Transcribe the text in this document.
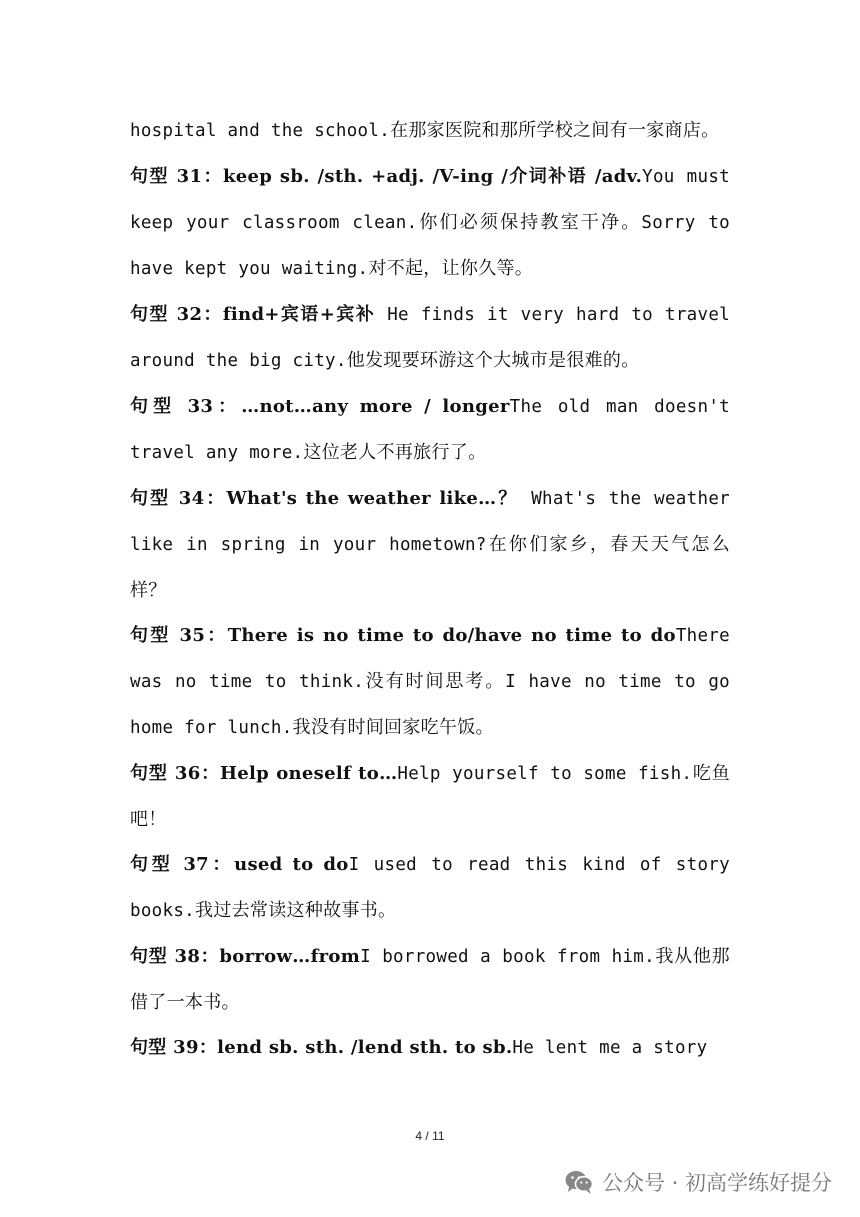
hospital and the school.在那家医院和那所学校之间有一家商店。
句型 31：keep sb. /sth. +adj. /V-ing /介词补语 /adv.You must keep your classroom clean.你们必须保持教室干净。Sorry to have kept you waiting.对不起，让你久等。
句型 32：find+宾语+宾补 He finds it very hard to travel around the big city.他发现要环游这个大城市是很难的。
句型 33：…not…any more / longerThe old man doesn't travel any more.这位老人不再旅行了。
句型 34：What's the weather like…？ What's the weather like in spring in your hometown?在你们家乡，春天天气怎么样？
句型 35：There is no time to do/have no time to doThere was no time to think.没有时间思考。I have no time to go home for lunch.我没有时间回家吃午饭。
句型 36：Help oneself to…Help yourself to some fish.吃鱼吧！
句型 37：used to doI used to read this kind of story books.我过去常读这种故事书。
句型 38：borrow…fromI borrowed a book from him.我从他那借了一本书。
句型 39：lend sb. sth. /lend sth. to sb.He lent me a story
4 / 11
公众号 · 初高学练好提分
